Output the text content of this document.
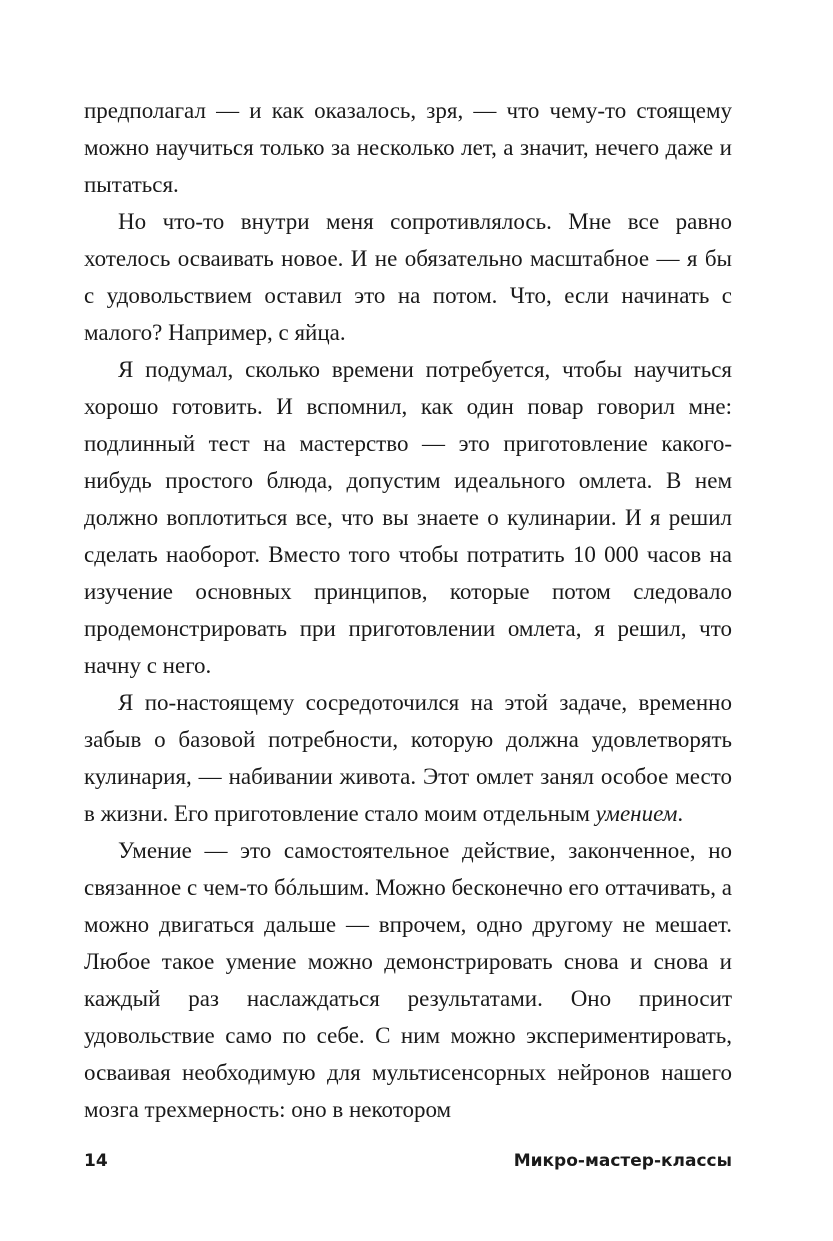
предполагал — и как оказалось, зря, — что чему-то стоящему можно научиться только за несколько лет, а значит, нечего даже и пытаться.

Но что-то внутри меня сопротивлялось. Мне все равно хотелось осваивать новое. И не обязательно масштабное — я бы с удовольствием оставил это на потом. Что, если начинать с малого? Например, с яйца.

Я подумал, сколько времени потребуется, чтобы научиться хорошо готовить. И вспомнил, как один повар говорил мне: подлинный тест на мастерство — это приготовление какого-нибудь простого блюда, допустим идеального омлета. В нем должно воплотиться все, что вы знаете о кулинарии. И я решил сделать наоборот. Вместо того чтобы потратить 10 000 часов на изучение основных принципов, которые потом следовало продемонстрировать при приготовлении омлета, я решил, что начну с него.

Я по-настоящему сосредоточился на этой задаче, временно забыв о базовой потребности, которую должна удовлетворять кулинария, — набивании живота. Этот омлет занял особое место в жизни. Его приготовление стало моим отдельным умением.

Умение — это самостоятельное действие, законченное, но связанное с чем-то бóльшим. Можно бесконечно его оттачивать, а можно двигаться дальше — впрочем, одно другому не мешает. Любое такое умение можно демонстрировать снова и снова и каждый раз наслаждаться результатами. Оно приносит удовольствие само по себе. С ним можно экспериментировать, осваивая необходимую для мультисенсорных нейронов нашего мозга трехмерность: оно в некотором

14	Микро-мастер-классы
